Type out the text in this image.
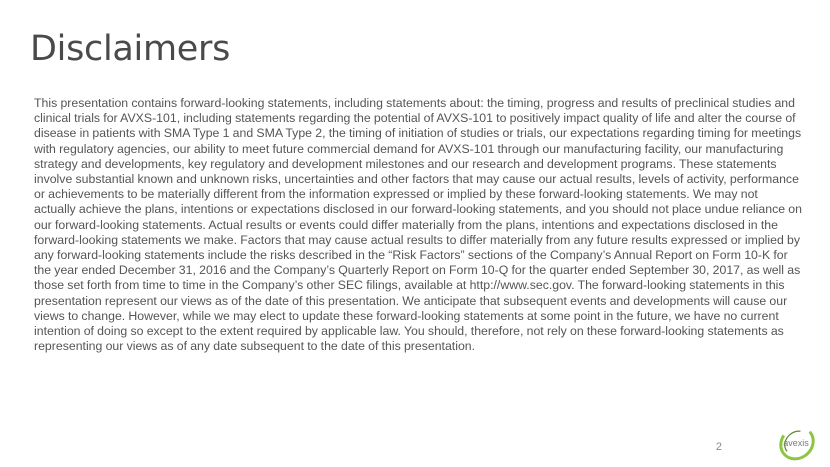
Disclaimers

This presentation contains forward-looking statements, including statements about: the timing, progress and results of preclinical studies and clinical trials for AVXS-101, including statements regarding the potential of AVXS-101 to positively impact quality of life and alter the course of disease in patients with SMA Type 1 and SMA Type 2, the timing of initiation of studies or trials, our expectations regarding timing for meetings with regulatory agencies, our ability to meet future commercial demand for AVXS-101 through our manufacturing facility, our manufacturing strategy and developments, key regulatory and development milestones and our research and development programs. These statements involve substantial known and unknown risks, uncertainties and other factors that may cause our actual results, levels of activity, performance or achievements to be materially different from the information expressed or implied by these forward-looking statements. We may not actually achieve the plans, intentions or expectations disclosed in our forward-looking statements, and you should not place undue reliance on our forward-looking statements. Actual results or events could differ materially from the plans, intentions and expectations disclosed in the forward-looking statements we make. Factors that may cause actual results to differ materially from any future results expressed or implied by any forward-looking statements include the risks described in the “Risk Factors” sections of the Company’s Annual Report on Form 10-K for the year ended December 31, 2016 and the Company’s Quarterly Report on Form 10-Q for the quarter ended September 30, 2017, as well as those set forth from time to time in the Company’s other SEC filings, available at http://www.sec.gov. The forward-looking statements in this presentation represent our views as of the date of this presentation. We anticipate that subsequent events and developments will cause our views to change. However, while we may elect to update these forward-looking statements at some point in the future, we have no current intention of doing so except to the extent required by applicable law. You should, therefore, not rely on these forward-looking statements as representing our views as of any date subsequent to the date of this presentation.

2	avexis
